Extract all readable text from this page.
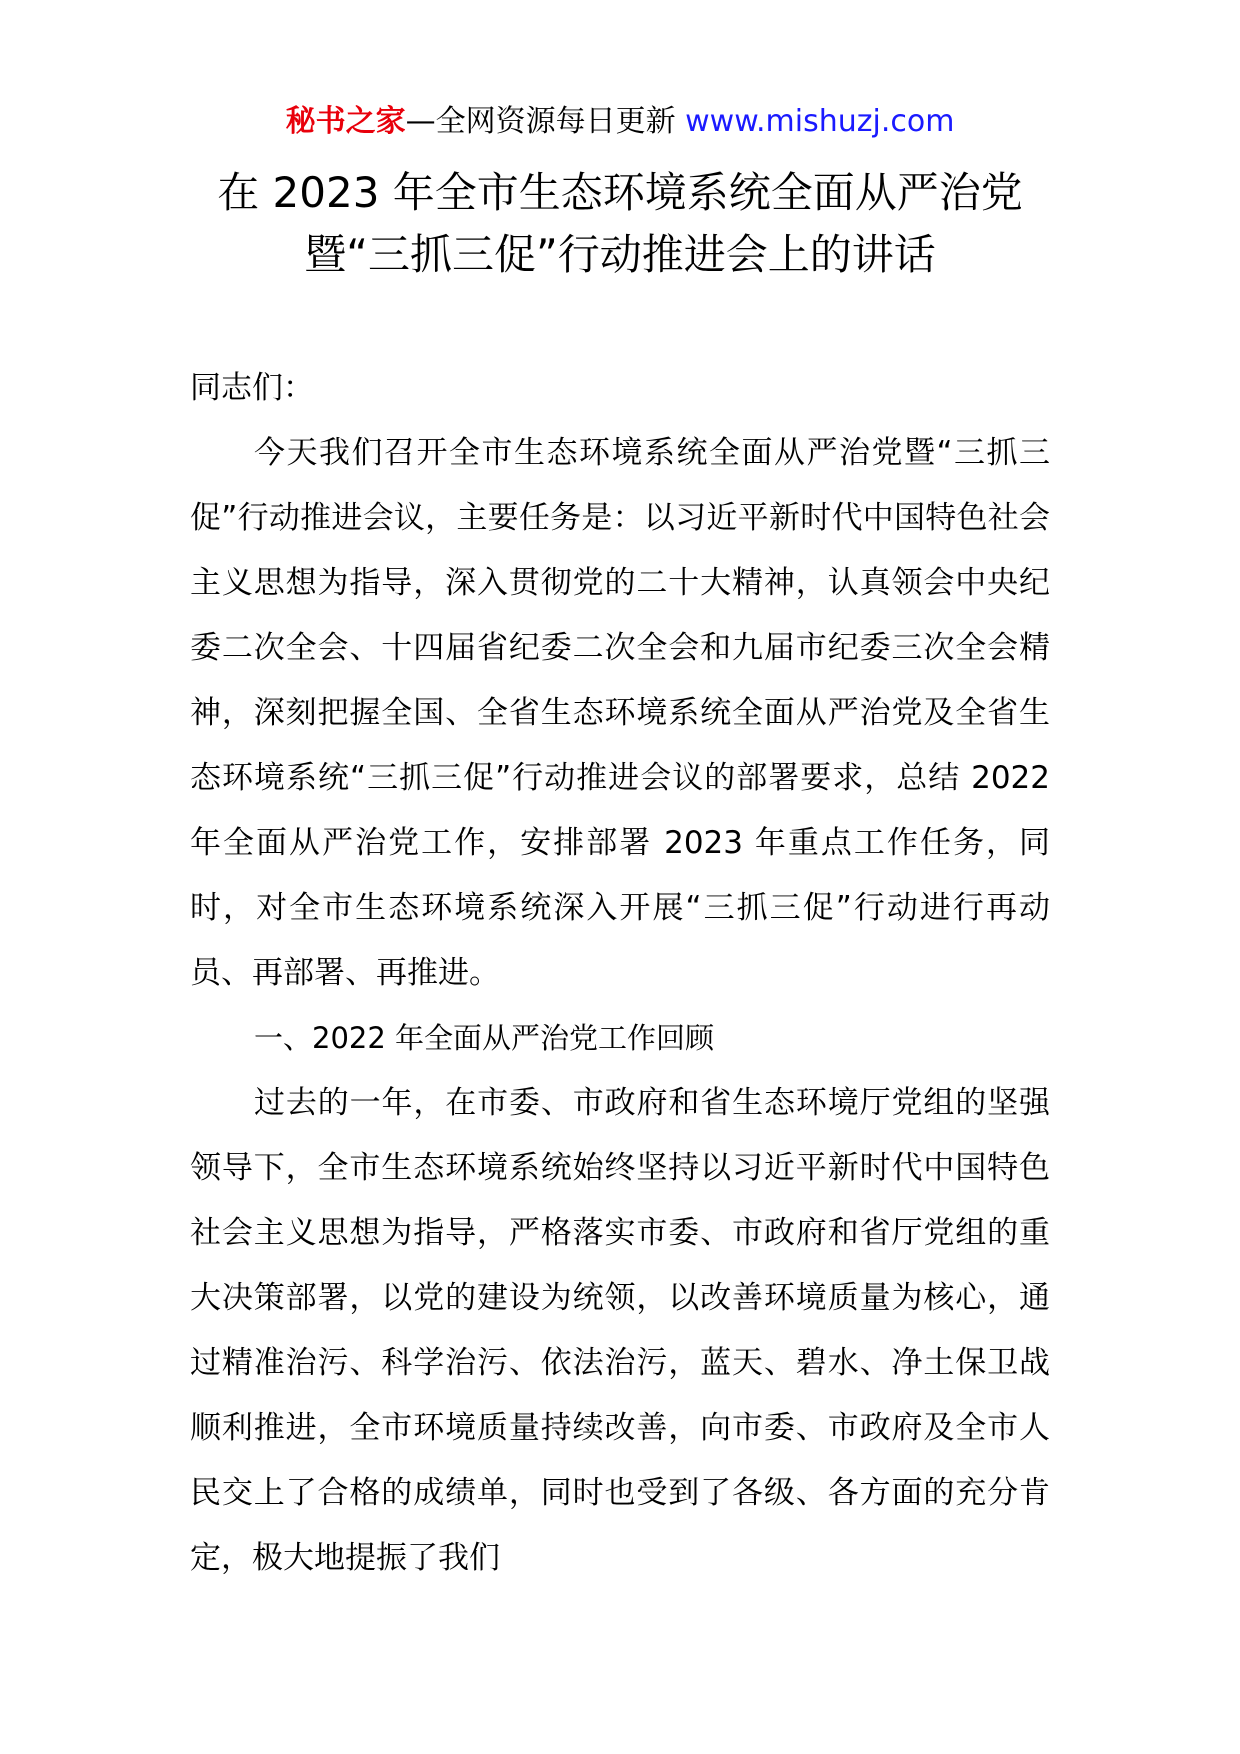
秘书之家—全网资源每日更新 www.mishuzj.com
在 2023 年全市生态环境系统全面从严治党
暨“三抓三促”行动推进会上的讲话

同志们：

今天我们召开全市生态环境系统全面从严治党暨“三抓三促”行动推进会议，主要任务是：以习近平新时代中国特色社会主义思想为指导，深入贯彻党的二十大精神，认真领会中央纪委二次全会、十四届省纪委二次全会和九届市纪委三次全会精神，深刻把握全国、全省生态环境系统全面从严治党及全省生态环境系统“三抓三促”行动推进会议的部署要求，总结 2022 年全面从严治党工作，安排部署 2023 年重点工作任务，同时，对全市生态环境系统深入开展“三抓三促”行动进行再动员、再部署、再推进。

一、2022 年全面从严治党工作回顾

过去的一年，在市委、市政府和省生态环境厅党组的坚强领导下，全市生态环境系统始终坚持以习近平新时代中国特色社会主义思想为指导，严格落实市委、市政府和省厅党组的重大决策部署，以党的建设为统领，以改善环境质量为核心，通过精准治污、科学治污、依法治污，蓝天、碧水、净土保卫战顺利推进，全市环境质量持续改善，向市委、市政府及全市人民交上了合格的成绩单，同时也受到了各级、各方面的充分肯定，极大地提振了我们
